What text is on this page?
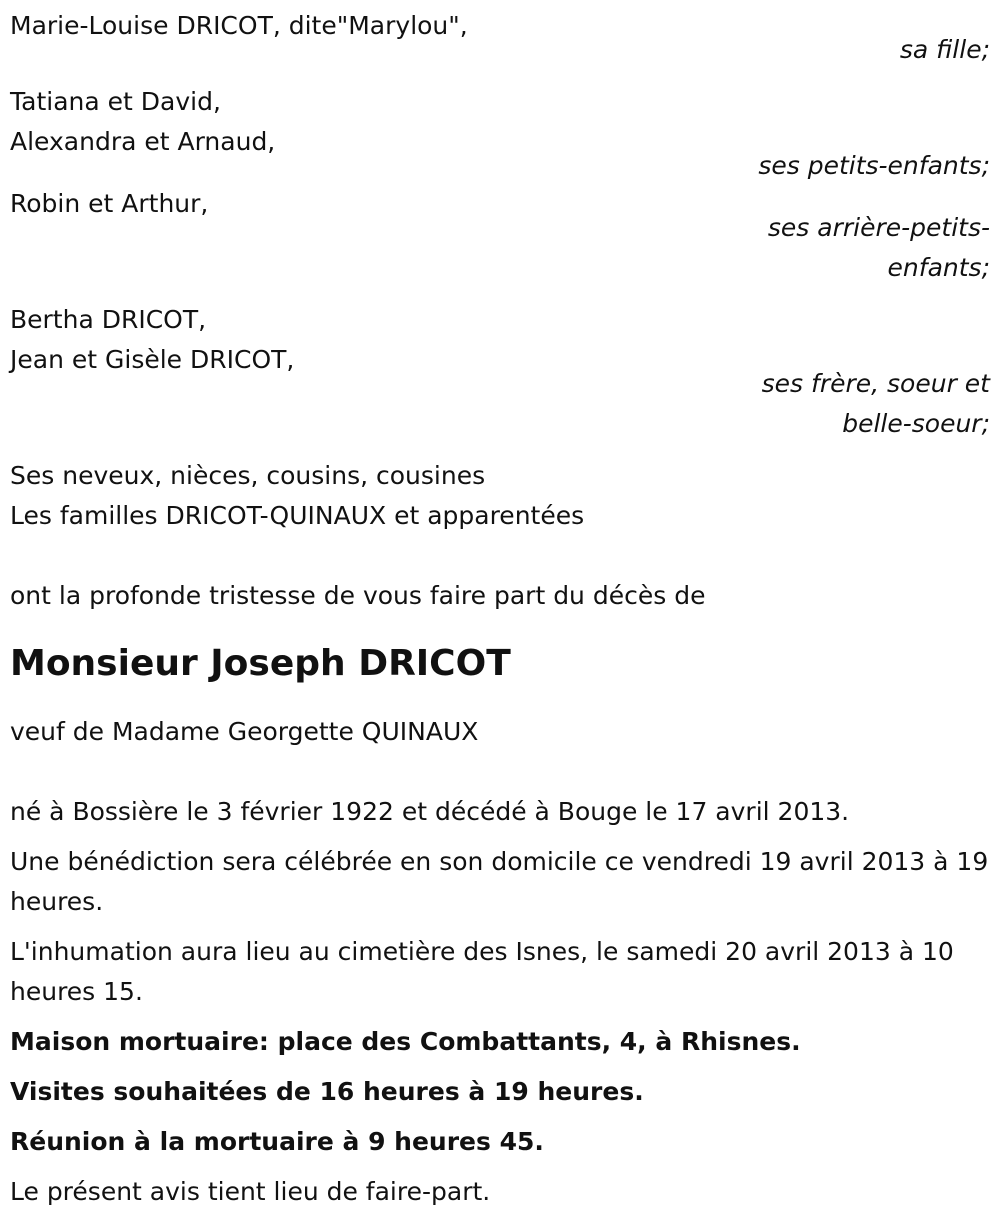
Marie-Louise DRICOT, dite"Marylou",
sa fille;
Tatiana et David,
Alexandra et Arnaud,
ses petits-enfants;
Robin et Arthur,
ses arrière-petits-
enfants;
Bertha DRICOT,
Jean et Gisèle DRICOT,
ses frère, soeur et
belle-soeur;
Ses neveux, nièces, cousins, cousines
Les familles DRICOT-QUINAUX et apparentées
ont la profonde tristesse de vous faire part du décès de
Monsieur Joseph DRICOT
veuf de Madame Georgette QUINAUX
né à Bossière le 3 février 1922 et décédé à Bouge le 17 avril 2013.
Une bénédiction sera célébrée en son domicile ce vendredi 19 avril 2013 à 19 heures.
L'inhumation aura lieu au cimetière des Isnes, le samedi 20 avril 2013 à 10 heures 15.
Maison mortuaire: place des Combattants, 4, à Rhisnes.
Visites souhaitées de 16 heures à 19 heures.
Réunion à la mortuaire à 9 heures 45.
Le présent avis tient lieu de faire-part.
